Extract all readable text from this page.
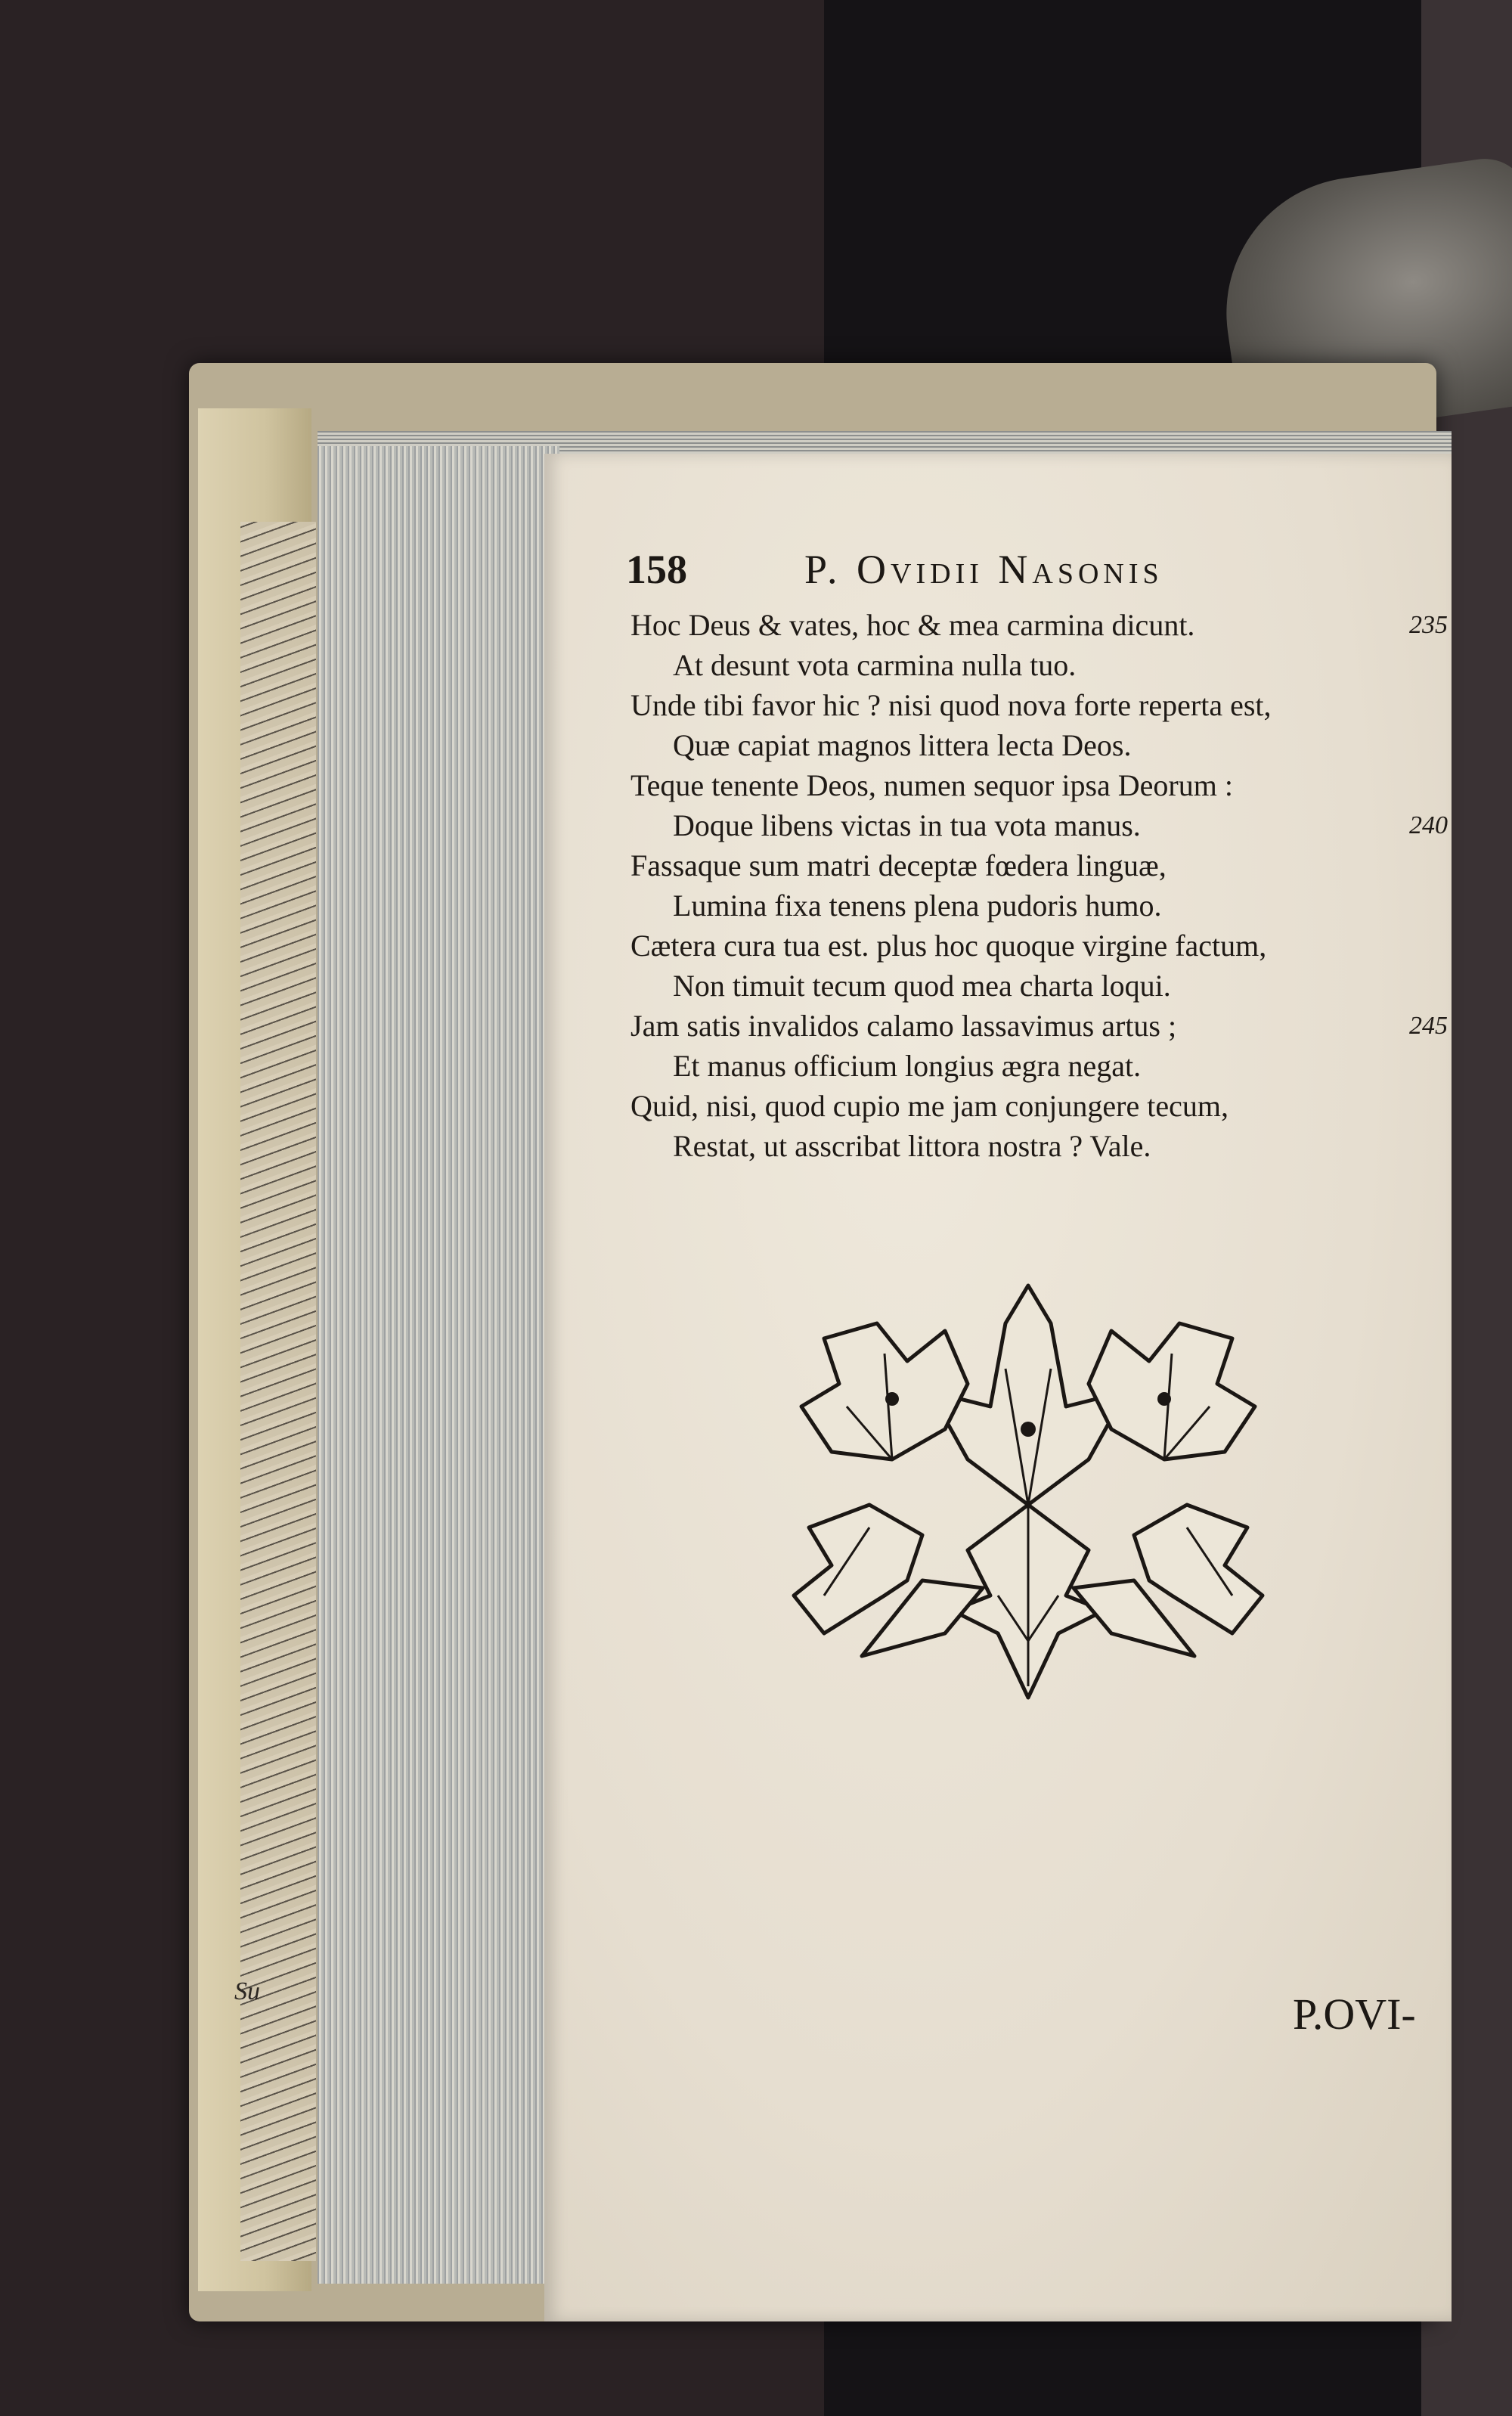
Su
158	P. Ovidii Nasonis
Hoc Deus & vates, hoc & mea carmina dicunt.	235
At desunt vota carmina nulla tuo.
Unde tibi favor hic ? nisi quod nova forte reperta est,
Quæ capiat magnos littera lecta Deos.
Teque tenente Deos, numen sequor ipsa Deorum :
Doque libens victas in tua vota manus.	240
Fassaque sum matri deceptæ fœdera linguæ,
Lumina fixa tenens plena pudoris humo.
Cætera cura tua est. plus hoc quoque virgine factum,
Non timuit tecum quod mea charta loqui.
Jam satis invalidos calamo lassavimus artus ;	245
Et manus officium longius ægra negat.
Quid, nisi, quod cupio me jam conjungere tecum,
Restat, ut asscribat littora nostra ? Vale.
P.OVI-
